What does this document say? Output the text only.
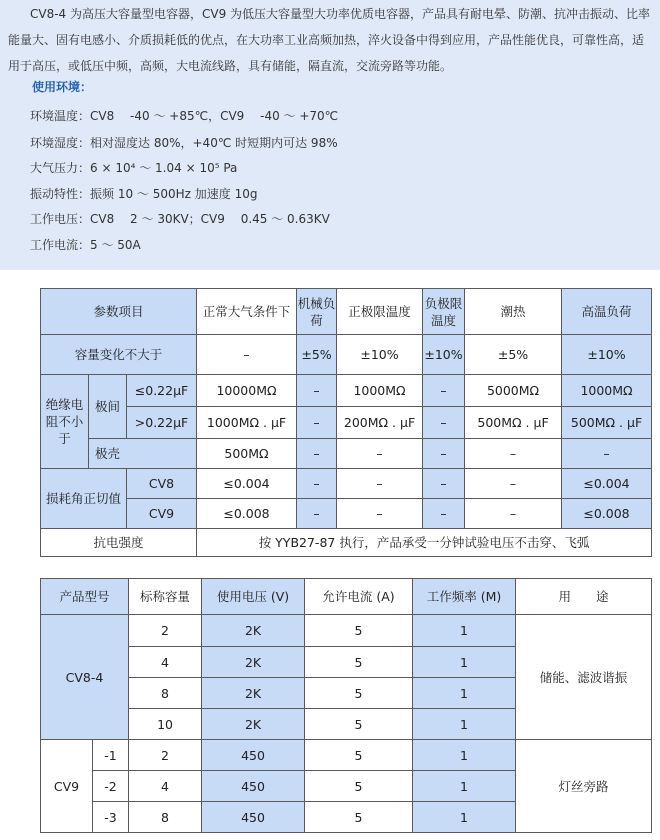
CV8-4 为高压大容量型电容器，CV9 为低压大容量型大功率优质电容器，产品具有耐电晕、防潮、抗冲击振动、比率能量大、固有电感小、介质损耗低的优点，在大功率工业高频加热，淬火设备中得到应用，产品性能优良，可靠性高，适用于高压，或低压中频，高频，大电流线路，具有储能，隔直流，交流旁路等功能。

使用环境：
环境温度：CV8 　-40 ～ +85℃，CV9 　-40 ～ +70℃
环境湿度：相对湿度达 80%，+40℃ 时短期内可达 98%
大气压力：6 × 10⁴ ～ 1.04 × 10⁵ Pa
振动特性：振频 10 ～ 500Hz 加速度 10g
工作电压：CV8 　2 ～ 30KV；CV9 　0.45 ～ 0.63KV
工作电流：5 ～ 50A
参数项目			正常大气条件下	机械负荷	正极限温度	负极限温度	潮热	高温负荷
容量变化不大于			–	±5%	±10%	±10%	±5%	±10%
绝缘电阻不小于	极间	≤0.22μF	10000MΩ	–	1000MΩ	–	5000MΩ	1000MΩ
		>0.22μF	1000MΩ . μF	–	200MΩ . μF	–	500MΩ . μF	500MΩ . μF
	极壳		500MΩ	–	–	–	–	–
损耗角正切值		CV8	≤0.004	–	–	–	–	≤0.004
		CV9	≤0.008	–	–	–	–	≤0.008
抗电强度			按 YYB27-87 执行，产品承受一分钟试验电压不击穿、飞弧					
产品型号		标称容量	使用电压 (V)	允许电流 (A)	工作频率 (M)	用　　途
CV8-4		2	2K	5	1	储能、滤波谐振
		4	2K	5	1	
		8	2K	5	1	
		10	2K	5	1	
CV9	-1	2	450	5	1	灯丝旁路
	-2	4	450	5	1	
	-3	8	450	5	1	
